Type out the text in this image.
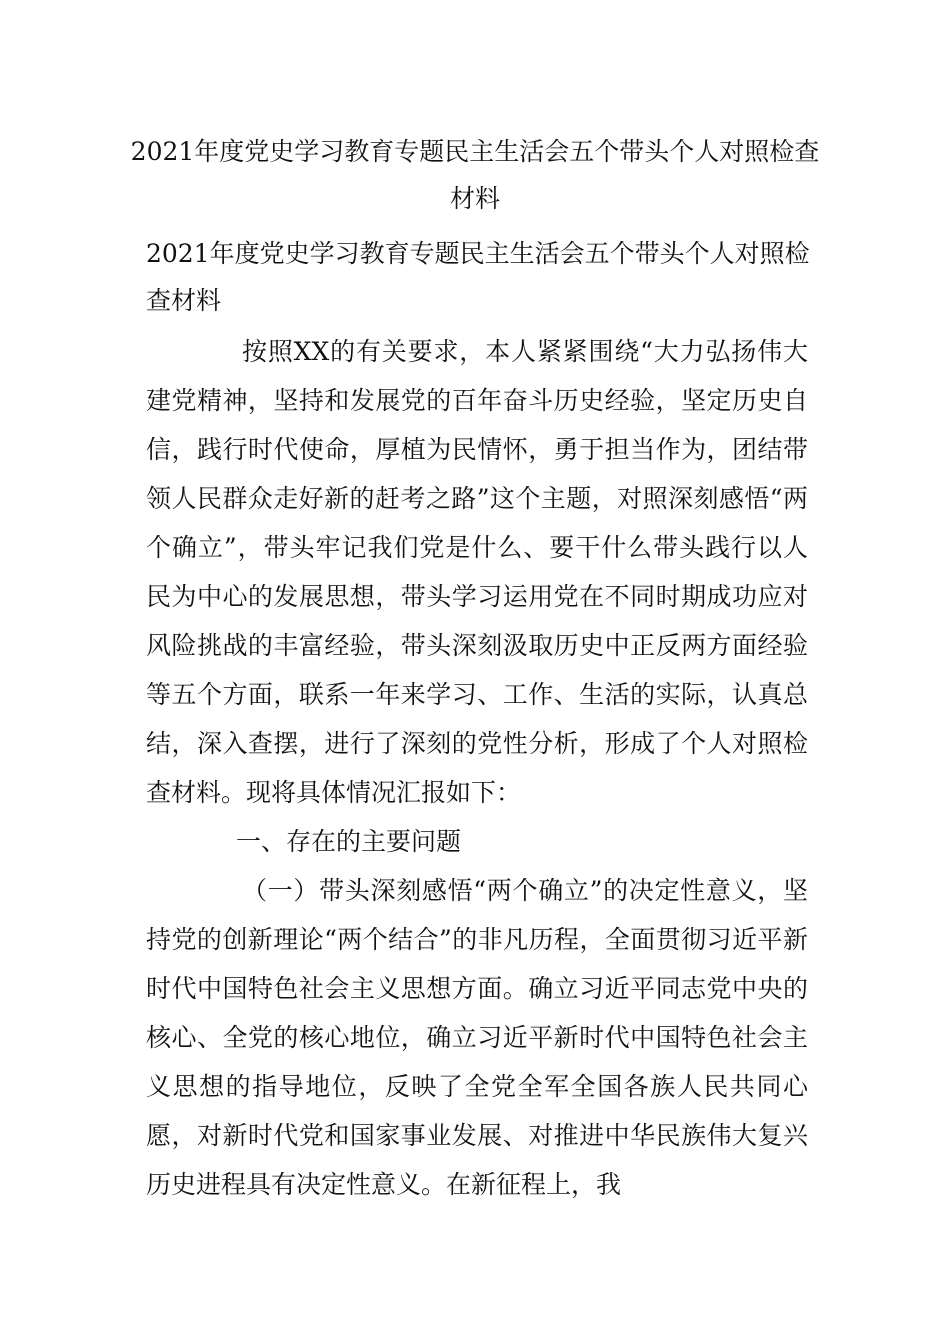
2021年度党史学习教育专题民主生活会五个带头个人对照检查材料
2021年度党史学习教育专题民主生活会五个带头个人对照检查材料

按照XX的有关要求，本人紧紧围绕“大力弘扬伟大建党精神，坚持和发展党的百年奋斗历史经验，坚定历史自信，践行时代使命，厚植为民情怀，勇于担当作为，团结带领人民群众走好新的赶考之路”这个主题，对照深刻感悟“两个确立”，带头牢记我们党是什么、要干什么带头践行以人民为中心的发展思想，带头学习运用党在不同时期成功应对风险挑战的丰富经验，带头深刻汲取历史中正反两方面经验等五个方面，联系一年来学习、工作、生活的实际，认真总结，深入查摆，进行了深刻的党性分析，形成了个人对照检查材料。现将具体情况汇报如下：

一、存在的主要问题

（一）带头深刻感悟“两个确立”的决定性意义，坚持党的创新理论“两个结合”的非凡历程，全面贯彻习近平新时代中国特色社会主义思想方面。确立习近平同志党中央的核心、全党的核心地位，确立习近平新时代中国特色社会主义思想的指导地位，反映了全党全军全国各族人民共同心愿，对新时代党和国家事业发展、对推进中华民族伟大复兴历史进程具有决定性意义。在新征程上，我
